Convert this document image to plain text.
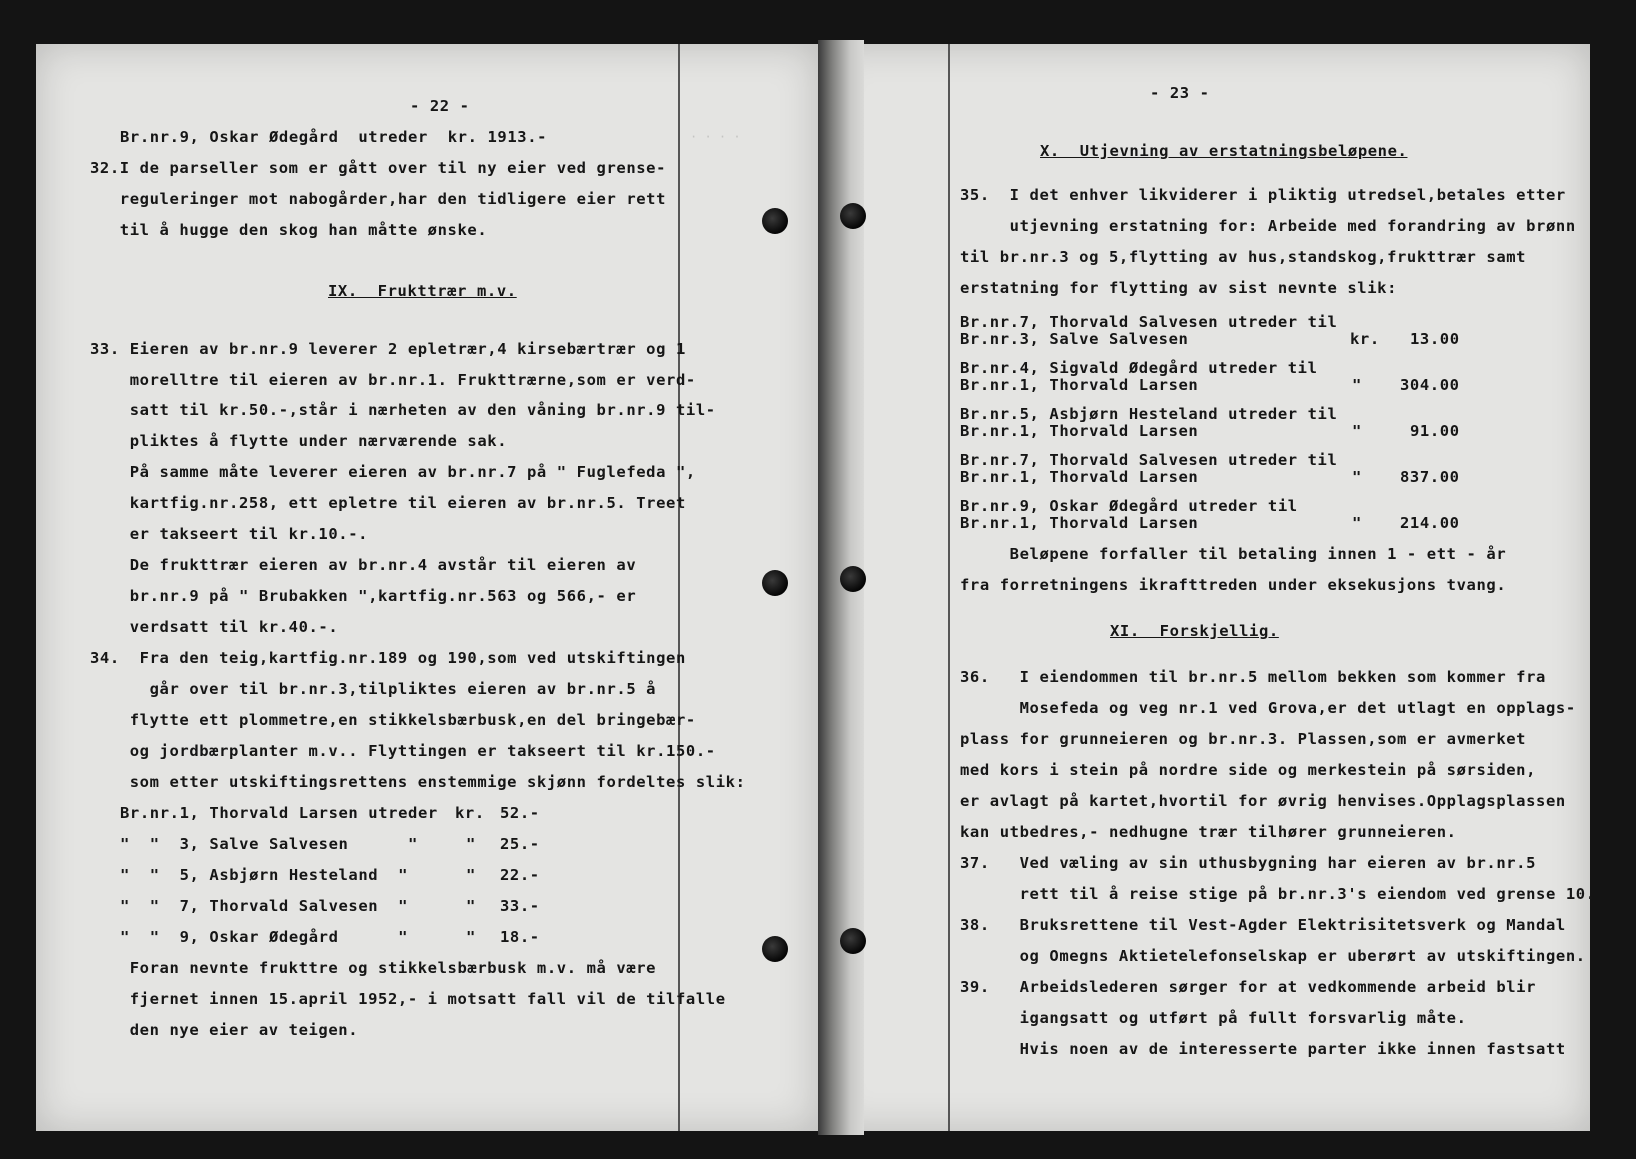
· · · ·
- 22 -
Br.nr.9, Oskar Ødegård  utreder  kr. 1913.-
32.I de parseller som er gått over til ny eier ved grense-
reguleringer mot nabogårder,har den tidligere eier rett
til å hugge den skog han måtte ønske.
IX.  Frukttrær m.v.
33. Eieren av br.nr.9 leverer 2 epletrær,4 kirsebærtrær og 1
morelltre til eieren av br.nr.1. Frukttrærne,som er verd-
satt til kr.50.-,står i nærheten av den våning br.nr.9 til-
pliktes å flytte under nærværende sak.
På samme måte leverer eieren av br.nr.7 på " Fuglefeda ",
kartfig.nr.258, ett epletre til eieren av br.nr.5. Treet
er takseert til kr.10.-.
De frukttrær eieren av br.nr.4 avstår til eieren av
br.nr.9 på " Brubakken ",kartfig.nr.563 og 566,- er
verdsatt til kr.40.-.
34.  Fra den teig,kartfig.nr.189 og 190,som ved utskiftingen
går over til br.nr.3,tilpliktes eieren av br.nr.5 å
flytte ett plommetre,en stikkelsbærbusk,en del bringebær-
og jordbærplanter m.v.. Flyttingen er takseert til kr.150.-
som etter utskiftingsrettens enstemmige skjønn fordeltes slik:
Br.nr.1, Thorvald Larsen utreder kr. 52.-
"  "  3, Salve Salvesen      "	" 25.-
"  "  5, Asbjørn Hesteland  "	" 22.-
"  "  7, Thorvald Salvesen  "	" 33.-
"  "  9, Oskar Ødegård      "	" 18.-
Foran nevnte frukttre og stikkelsbærbusk m.v. må være
fjernet innen 15.april 1952,- i motsatt fall vil de tilfalle
den nye eier av teigen.
- 23 -
X.  Utjevning av erstatningsbeløpene.
35.  I det enhver likviderer i pliktig utredsel,betales etter
utjevning erstatning for: Arbeide med forandring av brønn
til br.nr.3 og 5,flytting av hus,standskog,frukttrær samt
erstatning for flytting av sist nevnte slik:
Br.nr.7, Thorvald Salvesen utreder til
Br.nr.3, Salve Salvesen	kr. 13.00
Br.nr.4, Sigvald Ødegård utreder til
Br.nr.1, Thorvald Larsen	" 304.00
Br.nr.5, Asbjørn Hesteland utreder til
Br.nr.1, Thorvald Larsen	"	91.00
Br.nr.7, Thorvald Salvesen utreder til
Br.nr.1, Thorvald Larsen	" 837.00
Br.nr.9, Oskar Ødegård utreder til
Br.nr.1, Thorvald Larsen	" 214.00
Beløpene forfaller til betaling innen 1 - ett - år
fra forretningens ikrafttreden under eksekusjons tvang.
XI.  Forskjellig.
36.   I eiendommen til br.nr.5 mellom bekken som kommer fra
Mosefeda og veg nr.1 ved Grova,er det utlagt en opplags-
plass for grunneieren og br.nr.3. Plassen,som er avmerket
med kors i stein på nordre side og merkestein på sørsiden,
er avlagt på kartet,hvortil for øvrig henvises.Opplagsplassen
kan utbedres,- nedhugne trær tilhører grunneieren.
37.   Ved væling av sin uthusbygning har eieren av br.nr.5
rett til å reise stige på br.nr.3's eiendom ved grense 10.
38.   Bruksrettene til Vest-Agder Elektrisitetsverk og Mandal
og Omegns Aktietelefonselskap er uberørt av utskiftingen.
39.   Arbeidslederen sørger for at vedkommende arbeid blir
igangsatt og utført på fullt forsvarlig måte.
Hvis noen av de interesserte parter ikke innen fastsatt
